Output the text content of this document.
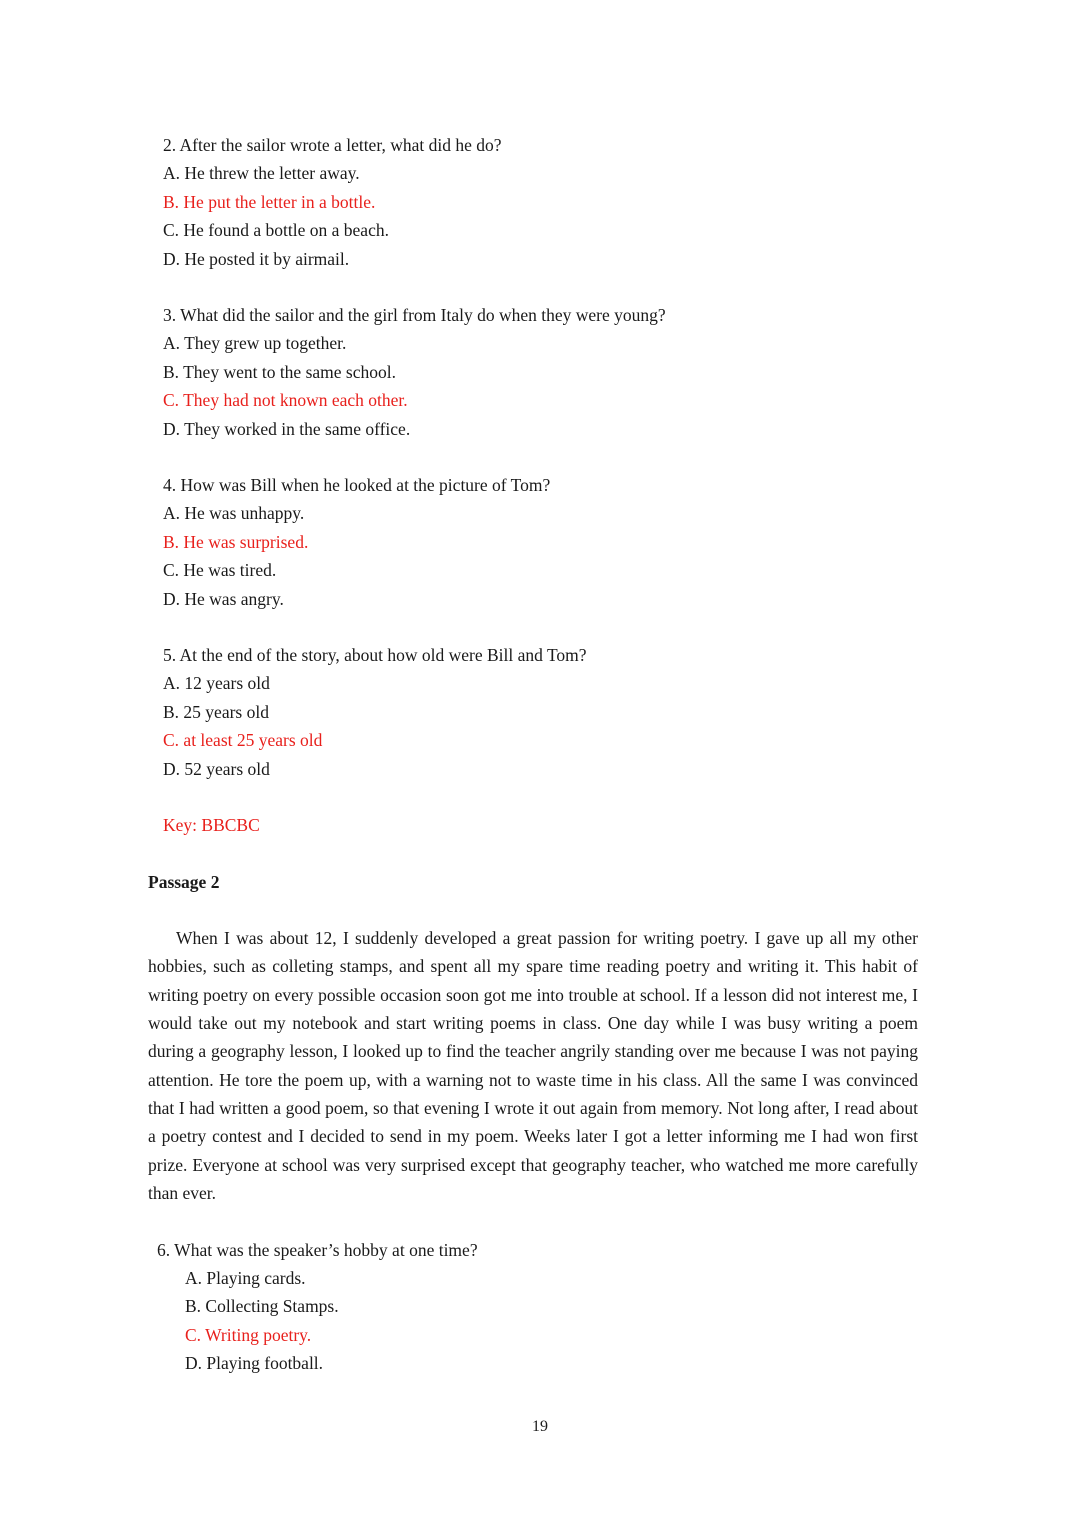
2. After the sailor wrote a letter, what did he do?
A. He threw the letter away.
B. He put the letter in a bottle.
C. He found a bottle on a beach.
D. He posted it by airmail.
3. What did the sailor and the girl from Italy do when they were young?
A. They grew up together.
B. They went to the same school.
C. They had not known each other.
D. They worked in the same office.
4. How was Bill when he looked at the picture of Tom?
A. He was unhappy.
B. He was surprised.
C. He was tired.
D. He was angry.
5. At the end of the story, about how old were Bill and Tom?
A. 12 years old
B. 25 years old
C. at least 25 years old
D. 52 years old
Key: BBCBC
Passage 2

When I was about 12, I suddenly developed a great passion for writing poetry. I gave up all my other hobbies, such as colleting stamps, and spent all my spare time reading poetry and writing it. This habit of writing poetry on every possible occasion soon got me into trouble at school. If a lesson did not interest me, I would take out my notebook and start writing poems in class. One day while I was busy writing a poem during a geography lesson, I looked up to find the teacher angrily standing over me because I was not paying attention. He tore the poem up, with a warning not to waste time in his class. All the same I was convinced that I had written a good poem, so that evening I wrote it out again from memory. Not long after, I read about a poetry contest and I decided to send in my poem. Weeks later I got a letter informing me I had won first prize. Everyone at school was very surprised except that geography teacher, who watched me more carefully than ever.

6. What was the speaker’s hobby at one time?
A. Playing cards.
B. Collecting Stamps.
C. Writing poetry.
D. Playing football.
19
